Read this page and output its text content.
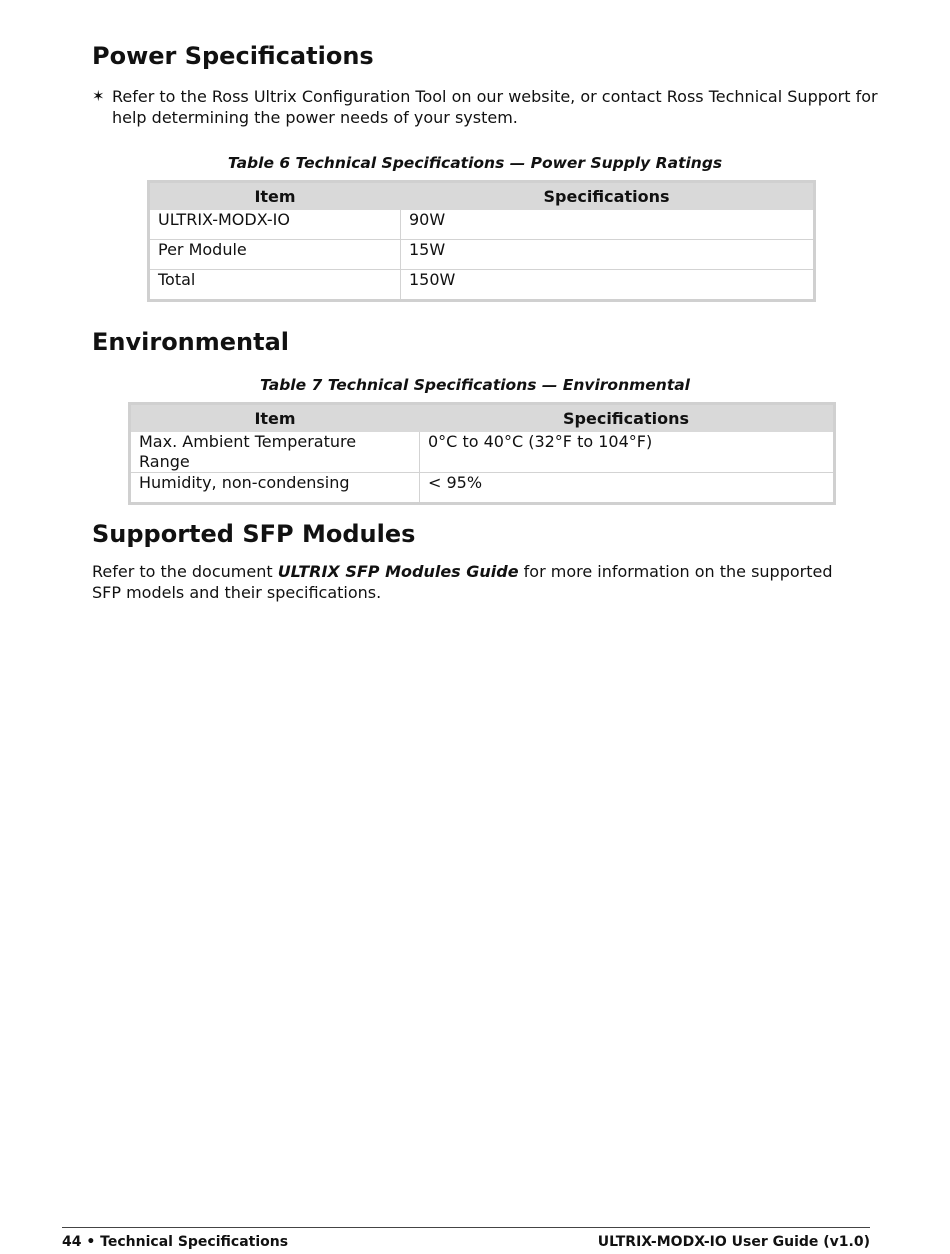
Power Specifications
✶ Refer to the Ross Ultrix Configuration Tool on our website, or contact Ross Technical Support for help determining the power needs of your system.

Table 6 Technical Specifications — Power Supply Ratings

Item	Specifications
ULTRIX-MODX-IO	90W
Per Module	15W
Total	150W
Environmental

Table 7 Technical Specifications — Environmental

Item	Specifications
Max. Ambient Temperature Range	0°C to 40°C (32°F to 104°F)
Humidity, non-condensing	< 95%
Supported SFP Modules

Refer to the document ULTRIX SFP Modules Guide for more information on the supported SFP models and their specifications.

44 • Technical Specifications	ULTRIX-MODX-IO User Guide (v1.0)
